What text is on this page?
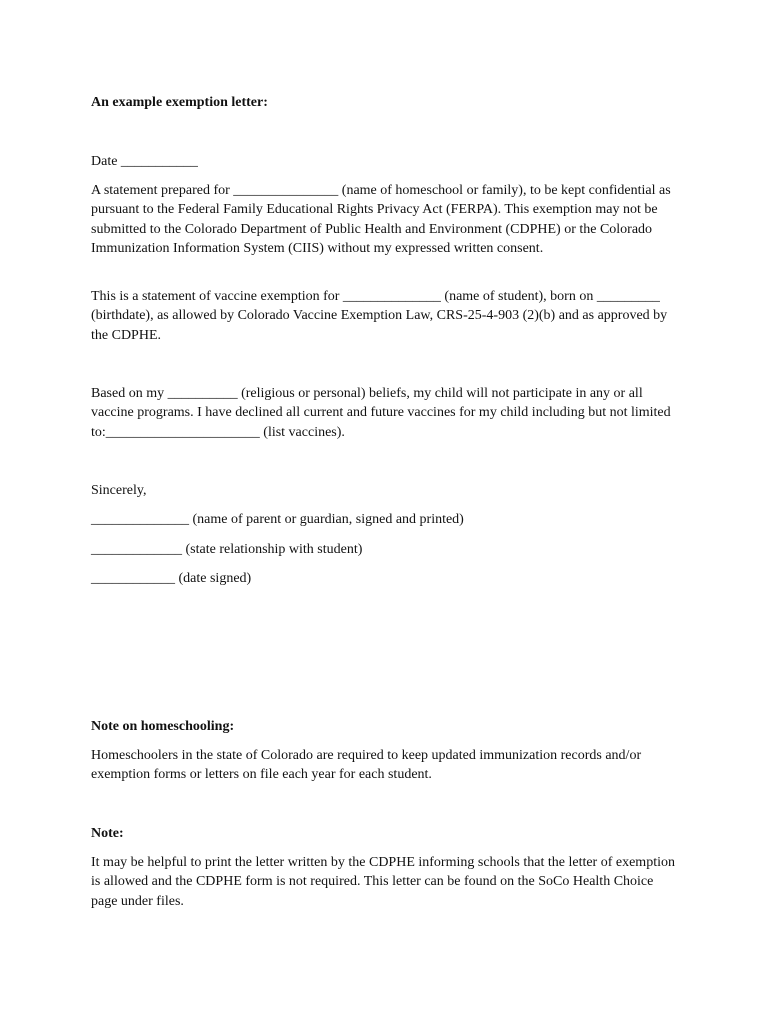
An example exemption letter:
Date ___________
A statement prepared for _______________ (name of homeschool or family), to be kept confidential as pursuant to the Federal Family Educational Rights Privacy Act (FERPA). This exemption may not be submitted to the Colorado Department of Public Health and Environment (CDPHE) or the Colorado Immunization Information System (CIIS) without my expressed written consent.
This is a statement of vaccine exemption for ______________ (name of student), born on _________ (birthdate), as allowed by Colorado Vaccine Exemption Law, CRS-25-4-903 (2)(b) and as approved by the CDPHE.
Based on my __________ (religious or personal) beliefs, my child will not participate in any or all vaccine programs. I have declined all current and future vaccines for my child including but not limited to:______________________ (list vaccines).
Sincerely,
______________ (name of parent or guardian, signed and printed)
_____________ (state relationship with student)
____________ (date signed)
Note on homeschooling:
Homeschoolers in the state of Colorado are required to keep updated immunization records and/or exemption forms or letters on file each year for each student.
Note:
It may be helpful to print the letter written by the CDPHE informing schools that the letter of exemption is allowed and the CDPHE form is not required. This letter can be found on the SoCo Health Choice page under files.
